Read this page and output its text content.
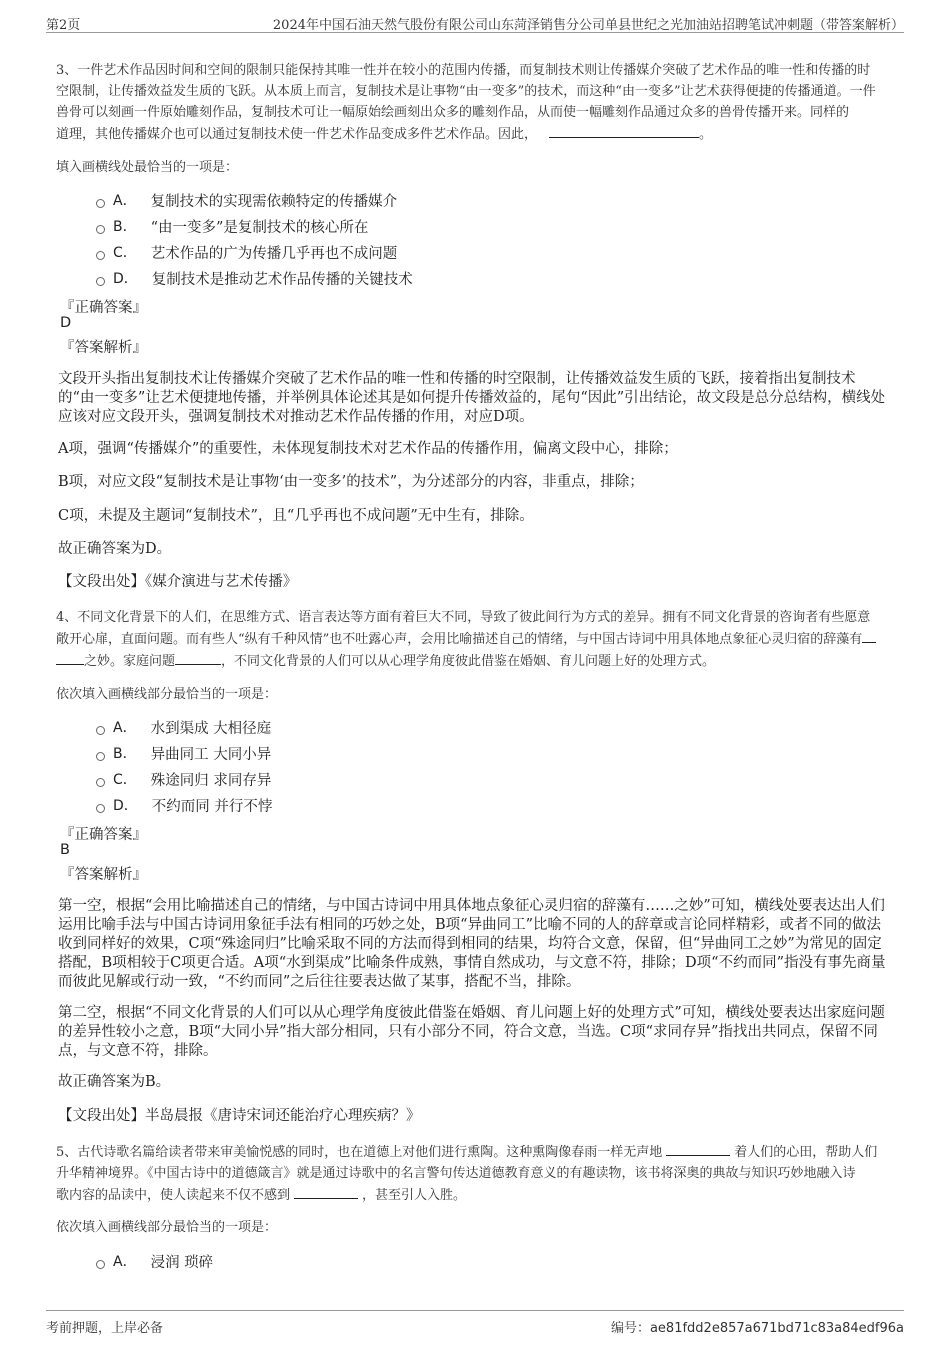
第2页	2024年中国石油天然气股份有限公司山东菏泽销售分公司单县世纪之光加油站招聘笔试冲刺题（带答案解析）
3、一件艺术作品因时间和空间的限制只能保持其唯一性并在较小的范围内传播，而复制技术则让传播媒介突破了艺术作品的唯一性和传播的时
空限制，让传播效益发生质的飞跃。从本质上而言，复制技术是让事物“由一变多”的技术，而这种“由一变多”让艺术获得便捷的传播通道。一件
兽骨可以刻画一件原始雕刻作品，复制技术可让一幅原始绘画刻出众多的雕刻作品，从而使一幅雕刻作品通过众多的兽骨传播开来。同样的
道理，其他传播媒介也可以通过复制技术使一件艺术作品变成多件艺术作品。因此，	。
填入画横线处最恰当的一项是：
A． 复制技术的实现需依赖特定的传播媒介
B． “由一变多”是复制技术的核心所在
C． 艺术作品的广为传播几乎再也不成问题
D． 复制技术是推动艺术作品传播的关键技术
『正确答案』
D
『答案解析』
文段开头指出复制技术让传播媒介突破了艺术作品的唯一性和传播的时空限制，让传播效益发生质的飞跃，接着指出复制技术的“由一变多”让艺术便捷地传播，并举例具体论述其是如何提升传播效益的，尾句“因此”引出结论，故文段是总分总结构，横线处应该对应文段开头，强调复制技术对推动艺术作品传播的作用，对应D项。
A项，强调“传播媒介”的重要性，未体现复制技术对艺术作品的传播作用，偏离文段中心，排除；
B项，对应文段“复制技术是让事物‘由一变多’的技术”，为分述部分的内容，非重点，排除；
C项，未提及主题词“复制技术”，且“几乎再也不成问题”无中生有，排除。
故正确答案为D。
【文段出处】《媒介演进与艺术传播》
4、不同文化背景下的人们，在思维方式、语言表达等方面有着巨大不同，导致了彼此间行为方式的差异。拥有不同文化背景的咨询者有些愿意
敞开心扉，直面问题。而有些人“纵有千种风情”也不吐露心声，会用比喻描述自己的情绪，与中国古诗词中用具体地点象征心灵归宿的辞藻有
之妙。家庭问题	，不同文化背景的人们可以从心理学角度彼此借鉴在婚姻、育儿问题上好的处理方式。
依次填入画横线部分最恰当的一项是：
A． 水到渠成 大相径庭
B． 异曲同工 大同小异
C． 殊途同归 求同存异
D． 不约而同 并行不悖
『正确答案』
B
『答案解析』
第一空，根据“会用比喻描述自己的情绪，与中国古诗词中用具体地点象征心灵归宿的辞藻有……之妙”可知，横线处要表达出人们运用比喻手法与中国古诗词用象征手法有相同的巧妙之处，B项“异曲同工”比喻不同的人的辞章或言论同样精彩，或者不同的做法收到同样好的效果，C项“殊途同归”比喻采取不同的方法而得到相同的结果，均符合文意，保留，但“异曲同工之妙”为常见的固定搭配，B项相较于C项更合适。A项“水到渠成”比喻条件成熟，事情自然成功，与文意不符，排除；D项“不约而同”指没有事先商量而彼此见解或行动一致，“不约而同”之后往往要表达做了某事，搭配不当，排除。
第二空，根据“不同文化背景的人们可以从心理学角度彼此借鉴在婚姻、育儿问题上好的处理方式”可知，横线处要表达出家庭问题的差异性较小之意，B项“大同小异”指大部分相同，只有小部分不同，符合文意，当选。C项“求同存异”指找出共同点，保留不同点，与文意不符，排除。
故正确答案为B。
【文段出处】半岛晨报《唐诗宋词还能治疗心理疾病？》
5、古代诗歌名篇给读者带来审美愉悦感的同时，也在道德上对他们进行熏陶。这种熏陶像春雨一样无声地	着人们的心田，帮助人们
升华精神境界。《中国古诗中的道德箴言》就是通过诗歌中的名言警句传达道德教育意义的有趣读物，该书将深奥的典故与知识巧妙地融入诗
歌内容的品读中，使人读起来不仅不感到	，甚至引人入胜。
依次填入画横线部分最恰当的一项是：
A． 浸润 琐碎
考前押题，上岸必备	编号：ae81fdd2e857a671bd71c83a84edf96a
